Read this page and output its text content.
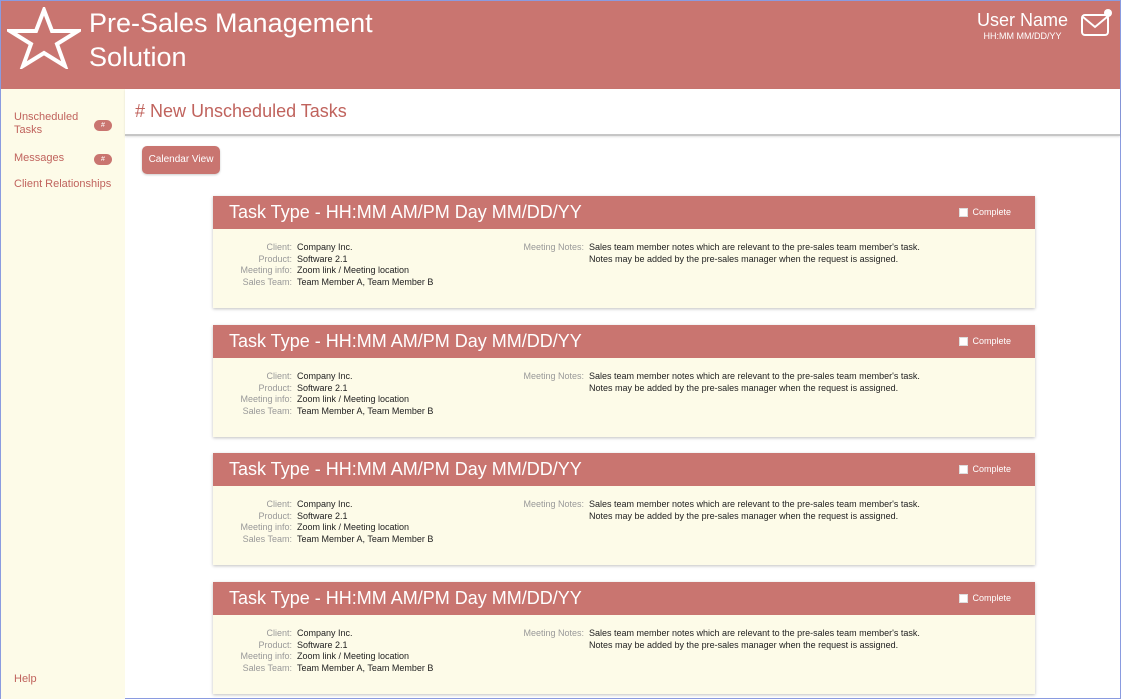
Pre-Sales Management Solution
User Name
HH:MM MM/DD/YY
Unscheduled Tasks	#
Messages	#
Client Relationships
Help
# New Unscheduled Tasks
Calendar View
Task Type - HH:MM AM/PM Day MM/DD/YY	Complete
Client: Company Inc.
Product: Software 2.1
Meeting info: Zoom link / Meeting location
Sales Team: Team Member A, Team Member B
Meeting Notes: Sales team member notes which are relevant to the pre-sales team member's task. Notes may be added by the pre-sales manager when the request is assigned.
Task Type - HH:MM AM/PM Day MM/DD/YY	Complete
Client: Company Inc.
Product: Software 2.1
Meeting info: Zoom link / Meeting location
Sales Team: Team Member A, Team Member B
Meeting Notes: Sales team member notes which are relevant to the pre-sales team member's task. Notes may be added by the pre-sales manager when the request is assigned.
Task Type - HH:MM AM/PM Day MM/DD/YY	Complete
Client: Company Inc.
Product: Software 2.1
Meeting info: Zoom link / Meeting location
Sales Team: Team Member A, Team Member B
Meeting Notes: Sales team member notes which are relevant to the pre-sales team member's task. Notes may be added by the pre-sales manager when the request is assigned.
Task Type - HH:MM AM/PM Day MM/DD/YY	Complete
Client: Company Inc.
Product: Software 2.1
Meeting info: Zoom link / Meeting location
Sales Team: Team Member A, Team Member B
Meeting Notes: Sales team member notes which are relevant to the pre-sales team member's task. Notes may be added by the pre-sales manager when the request is assigned.
